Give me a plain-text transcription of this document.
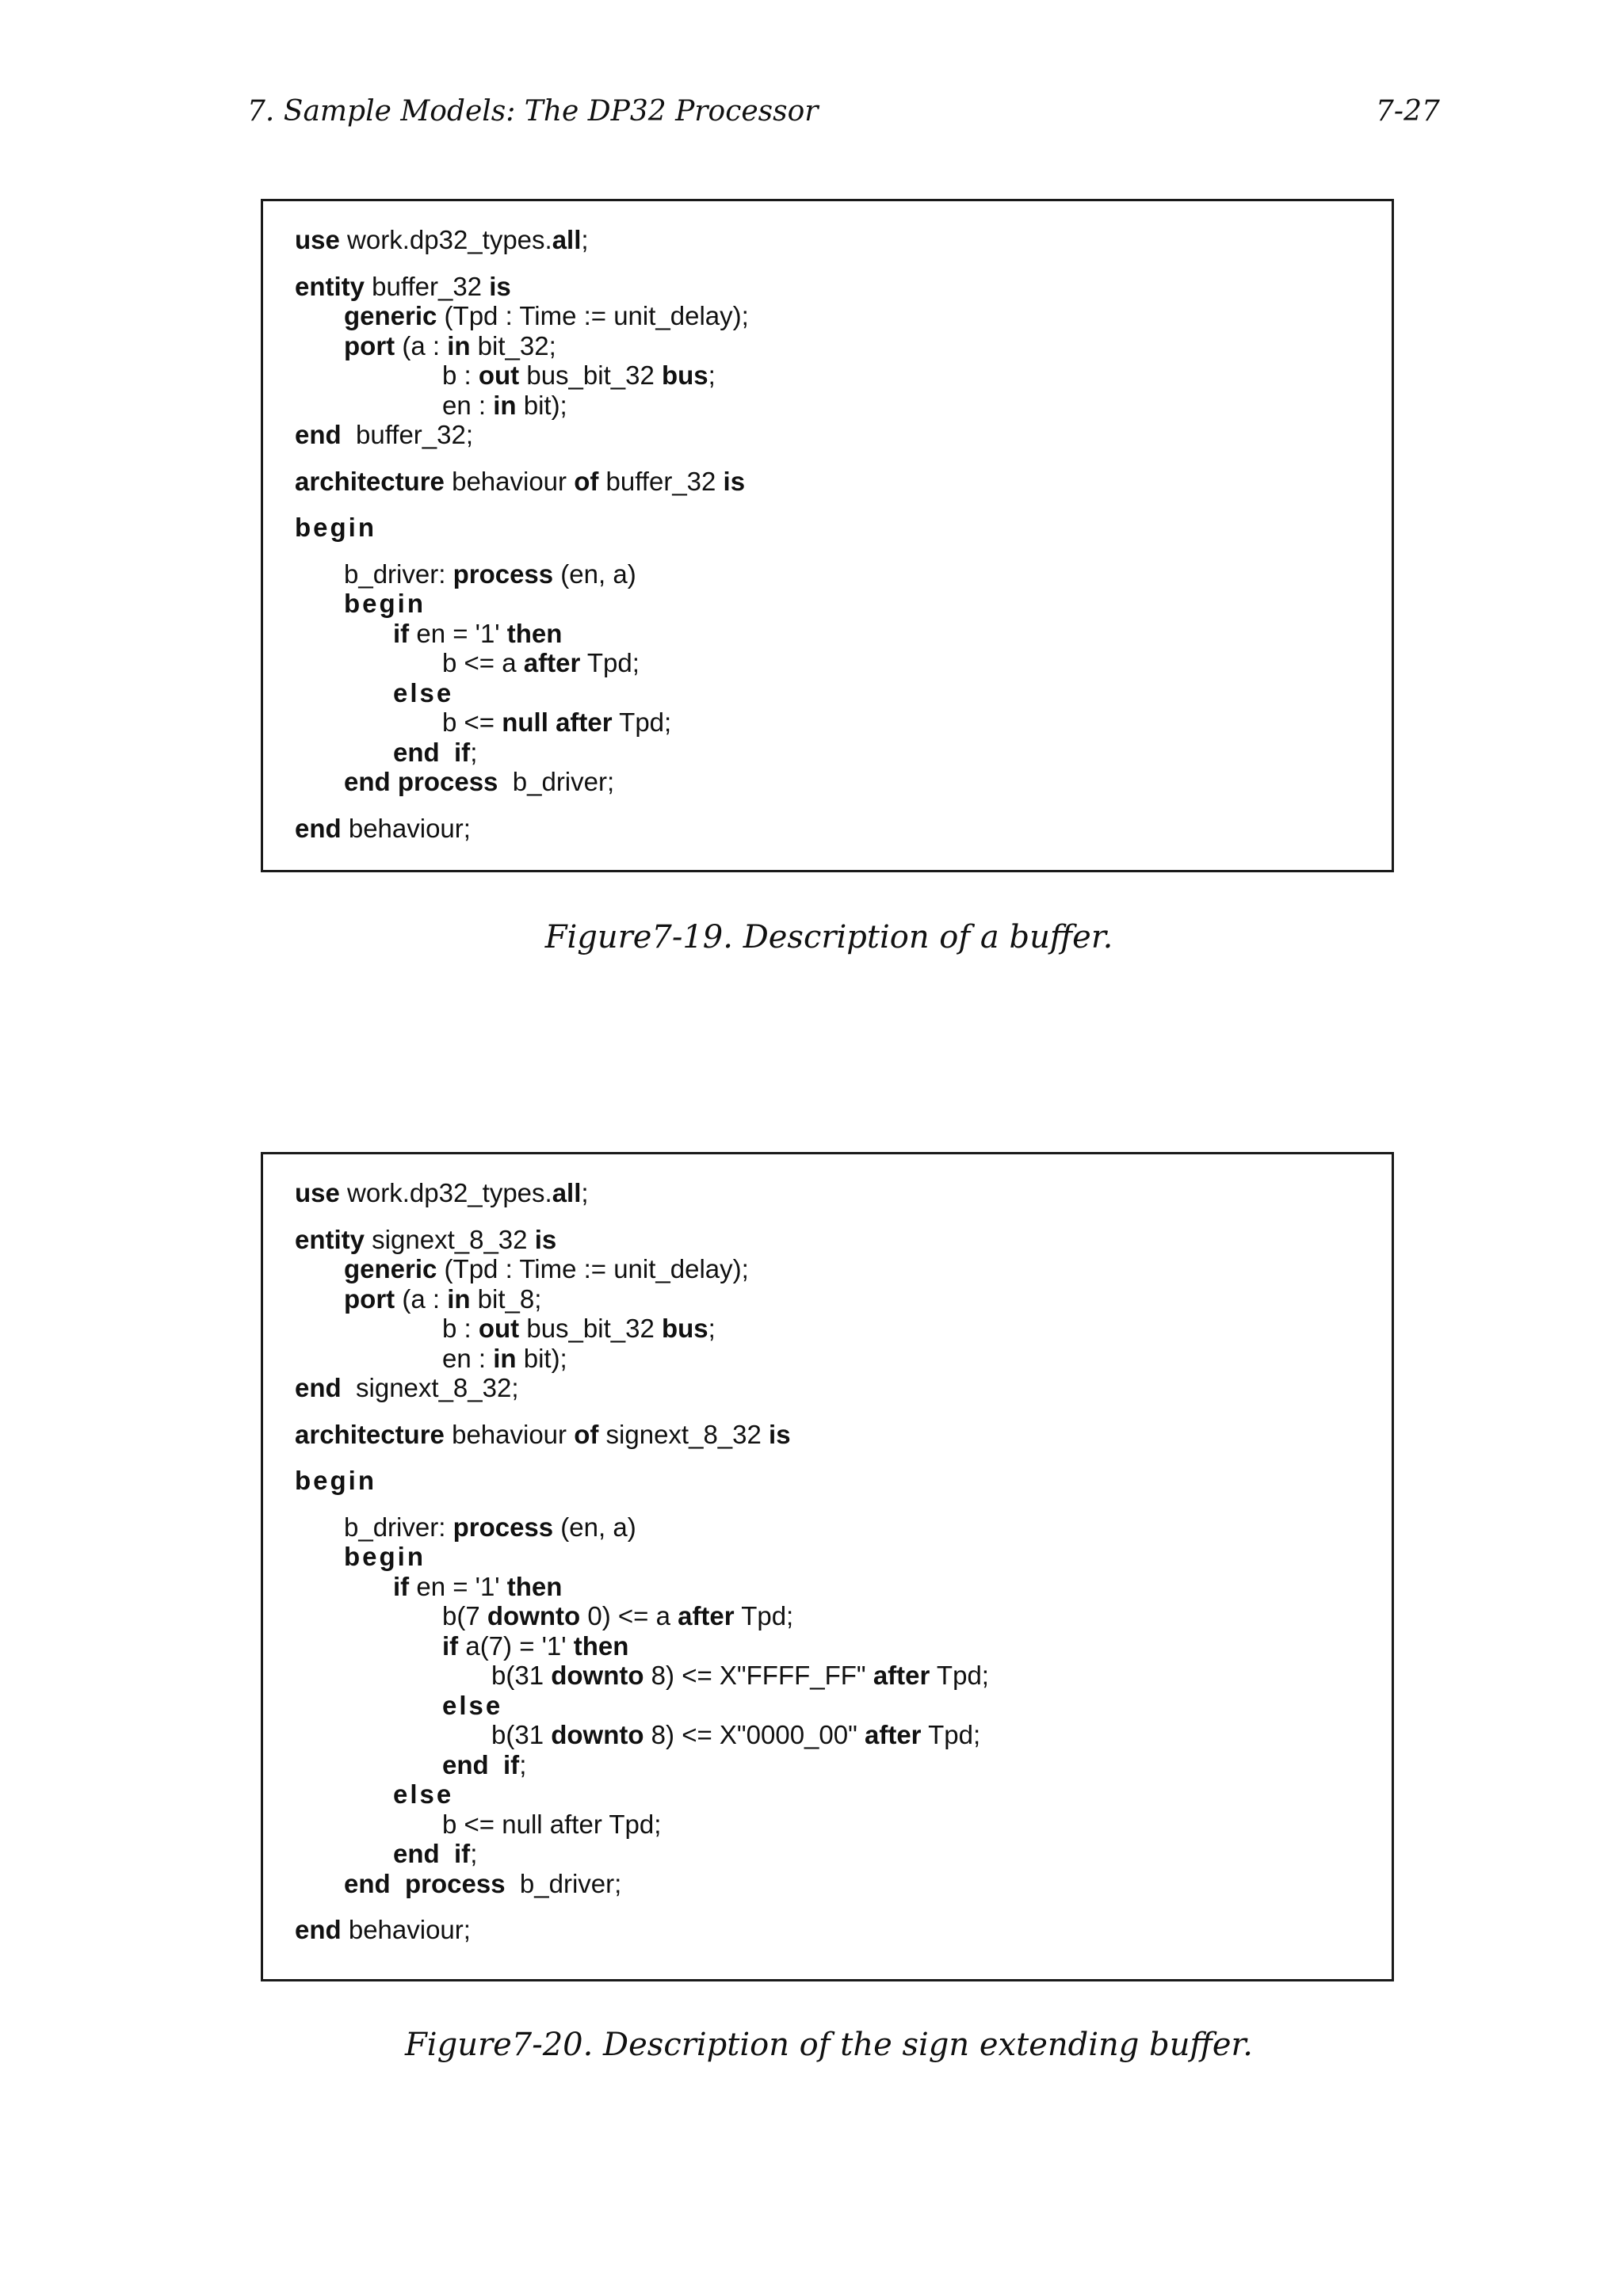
7. Sample Models: The DP32 Processor	7-27
use work.dp32_types.all;
entity buffer_32 is
generic (Tpd : Time := unit_delay);
port (a : in bit_32;
b : out bus_bit_32 bus;
en : in bit);
end  buffer_32;
architecture behaviour of buffer_32 is
begin
b_driver: process (en, a)
begin
if en = '1' then
b <= a after Tpd;
else
b <= null after Tpd;
end if;
end process  b_driver;
end behaviour;
Figure7-19. Description of a buffer.
use work.dp32_types.all;
entity signext_8_32 is
generic (Tpd : Time := unit_delay);
port (a : in bit_8;
b : out bus_bit_32 bus;
en : in bit);
end  signext_8_32;
architecture behaviour of signext_8_32 is
begin
b_driver: process (en, a)
begin
if en = '1' then
b(7 downto 0) <= a after Tpd;
if a(7) = '1' then
b(31 downto 8) <= X"FFFF_FF" after Tpd;
else
b(31 downto 8) <= X"0000_00" after Tpd;
end if;
else
b <= null after Tpd;
end if;
end process  b_driver;
end behaviour;
Figure7-20. Description of the sign extending buffer.
